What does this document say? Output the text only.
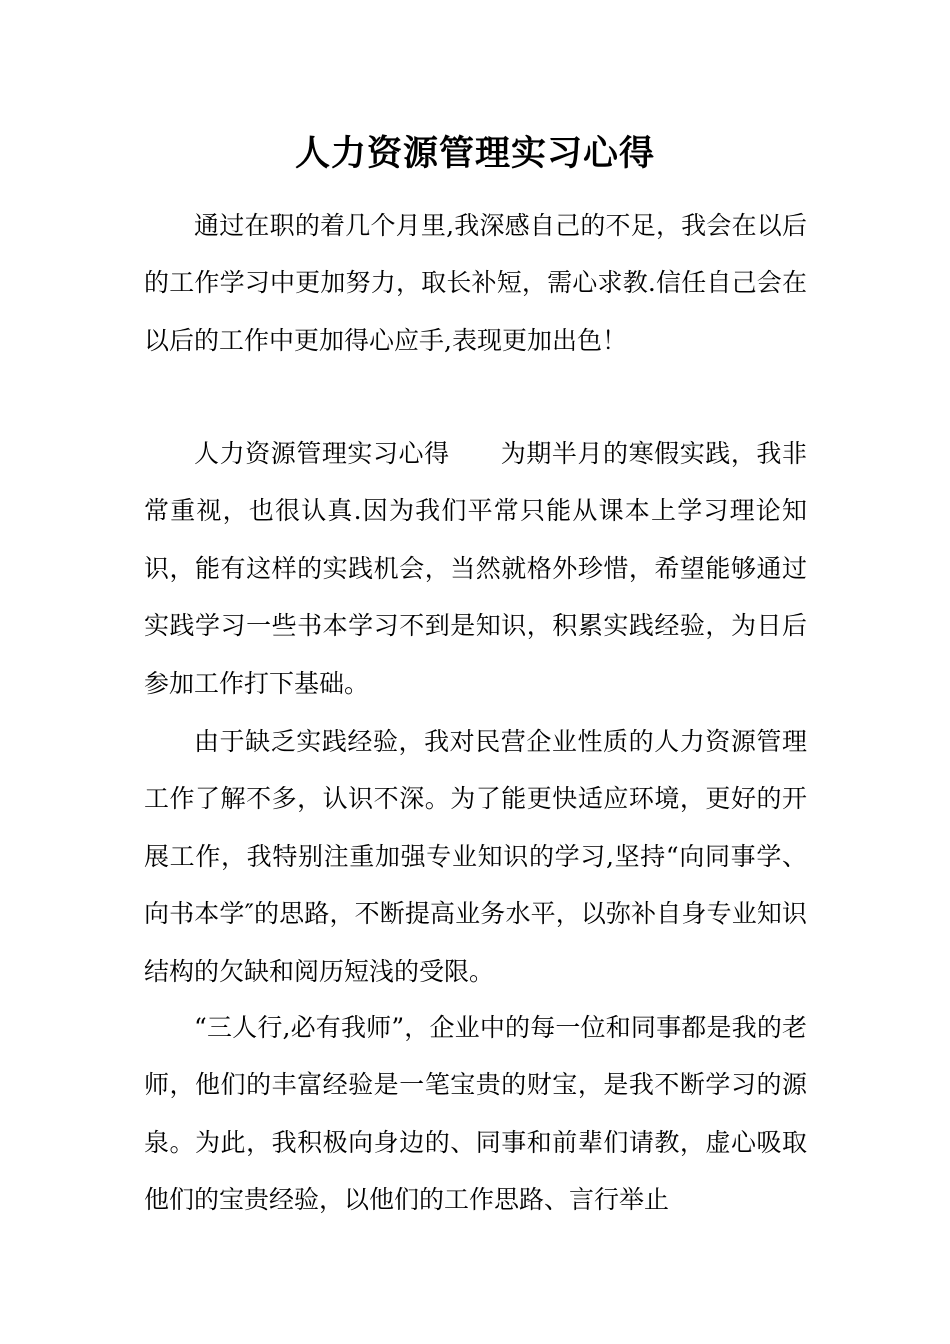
人力资源管理实习心得

通过在职的着几个月里,我深感自己的不足，我会在以后的工作学习中更加努力，取长补短，需心求教.信任自己会在以后的工作中更加得心应手,表现更加出色！

人力资源管理实习心得　　为期半月的寒假实践，我非常重视，也很认真.因为我们平常只能从课本上学习理论知识，能有这样的实践机会，当然就格外珍惜，希望能够通过实践学习一些书本学习不到是知识，积累实践经验，为日后参加工作打下基础。

由于缺乏实践经验，我对民营企业性质的人力资源管理工作了解不多，认识不深。为了能更快适应环境，更好的开展工作，我特别注重加强专业知识的学习,坚持“向同事学、向书本学″的思路，不断提高业务水平，以弥补自身专业知识结构的欠缺和阅历短浅的受限。

“三人行,必有我师”，企业中的每一位和同事都是我的老师，他们的丰富经验是一笔宝贵的财宝，是我不断学习的源泉。为此，我积极向身边的、同事和前辈们请教，虚心吸取他们的宝贵经验，以他们的工作思路、言行举止
